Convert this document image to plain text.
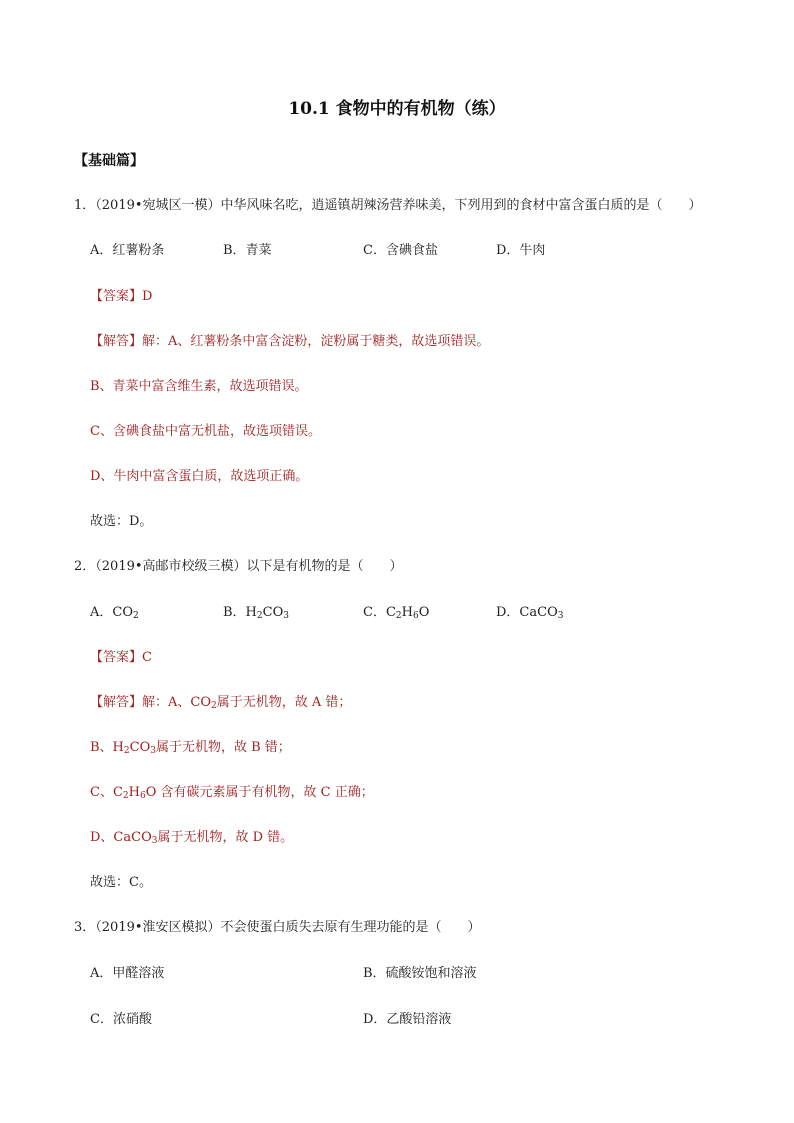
10.1 食物中的有机物（练）
【基础篇】
1．（2019•宛城区一模）中华风味名吃，逍遥镇胡辣汤营养味美，下列用到的食材中富含蛋白质的是（　　）
A．红薯粉条	B．青菜	C．含碘食盐	D．牛肉
【答案】D
【解答】解：A、红薯粉条中富含淀粉，淀粉属于糖类，故选项错误。
B、青菜中富含维生素，故选项错误。
C、含碘食盐中富无机盐，故选项错误。
D、牛肉中富含蛋白质，故选项正确。
故选：D。
2．（2019•高邮市校级三模）以下是有机物的是（　　）
A．$CO_2$	B．$H_2CO_3$	C．$C_2H_6O$	D．CaCO$_3$
【答案】C
【解答】解：A、$CO_2$属于无机物，故 A 错；
B、$H_2CO_3$属于无机物，故 B 错；
C、$C_2H_6O$ 含有碳元素属于有机物，故 C 正确；
D、CaCO$_3$属于无机物，故 D 错。
故选：C。
3．（2019•淮安区模拟）不会使蛋白质失去原有生理功能的是（　　）
A．甲醛溶液	B．硫酸铵饱和溶液
C．浓硝酸	D．乙酸铅溶液
